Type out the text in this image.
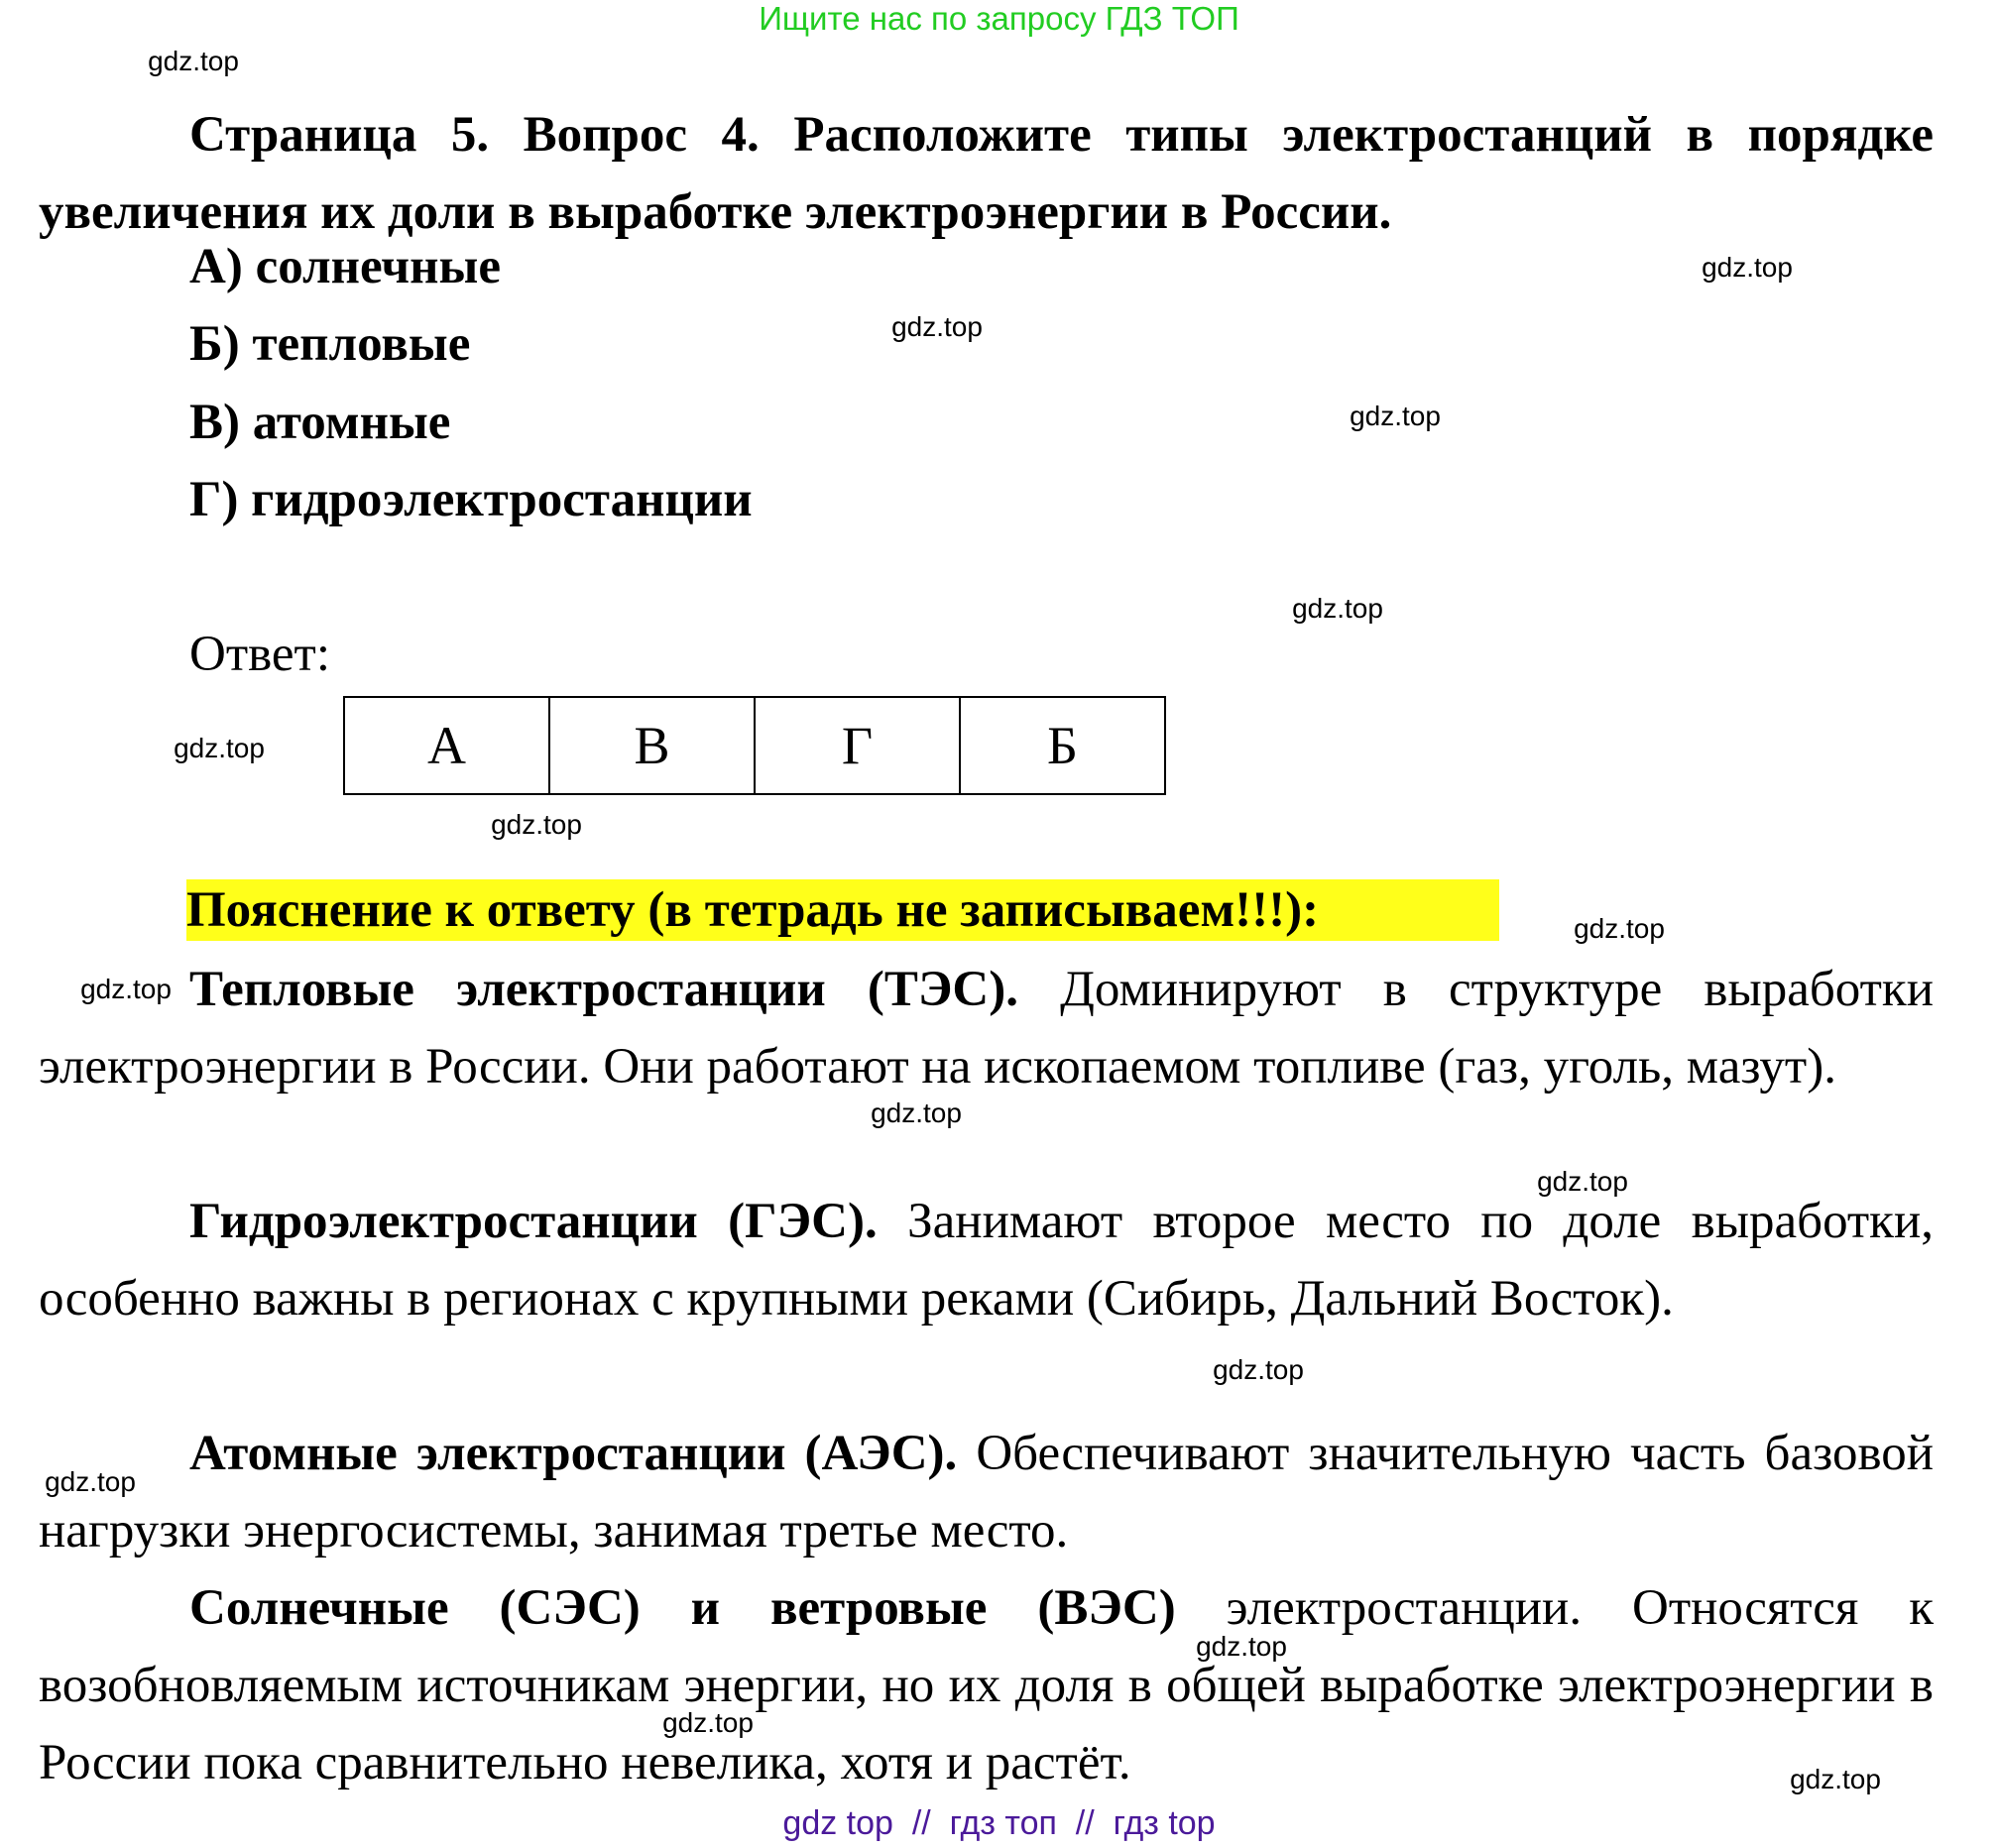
Ищите нас по запросу ГДЗ ТОП
Страница 5. Вопрос 4. Расположите типы электростанций в порядке увеличения их доли в выработке электроэнергии в России.
А) солнечные
Б) тепловые
В) атомные
Г) гидроэлектростанции
Ответ:
А	В	Г	Б
Пояснение к ответу (в тетрадь не записываем!!!):
Тепловые электростанции (ТЭС). Доминируют в структуре выработки электроэнергии в России. Они работают на ископаемом топливе (газ, уголь, мазут).
Гидроэлектростанции (ГЭС). Занимают второе место по доле выработки, особенно важны в регионах с крупными реками (Сибирь, Дальний Восток).
Атомные электростанции (АЭС). Обеспечивают значительную часть базовой нагрузки энергосистемы, занимая третье место.
Солнечные (СЭС) и ветровые (ВЭС) электростанции. Относятся к возобновляемым источникам энергии, но их доля в общей выработке электроэнергии в России пока сравнительно невелика, хотя и растёт.
gdz.top
gdz.top
gdz.top
gdz.top
gdz.top
gdz.top
gdz.top
gdz.top
gdz.top
gdz.top
gdz.top
gdz.top
gdz.top
gdz.top
gdz.top
gdz.top
gdz top  //  гдз топ  //  гдз top
